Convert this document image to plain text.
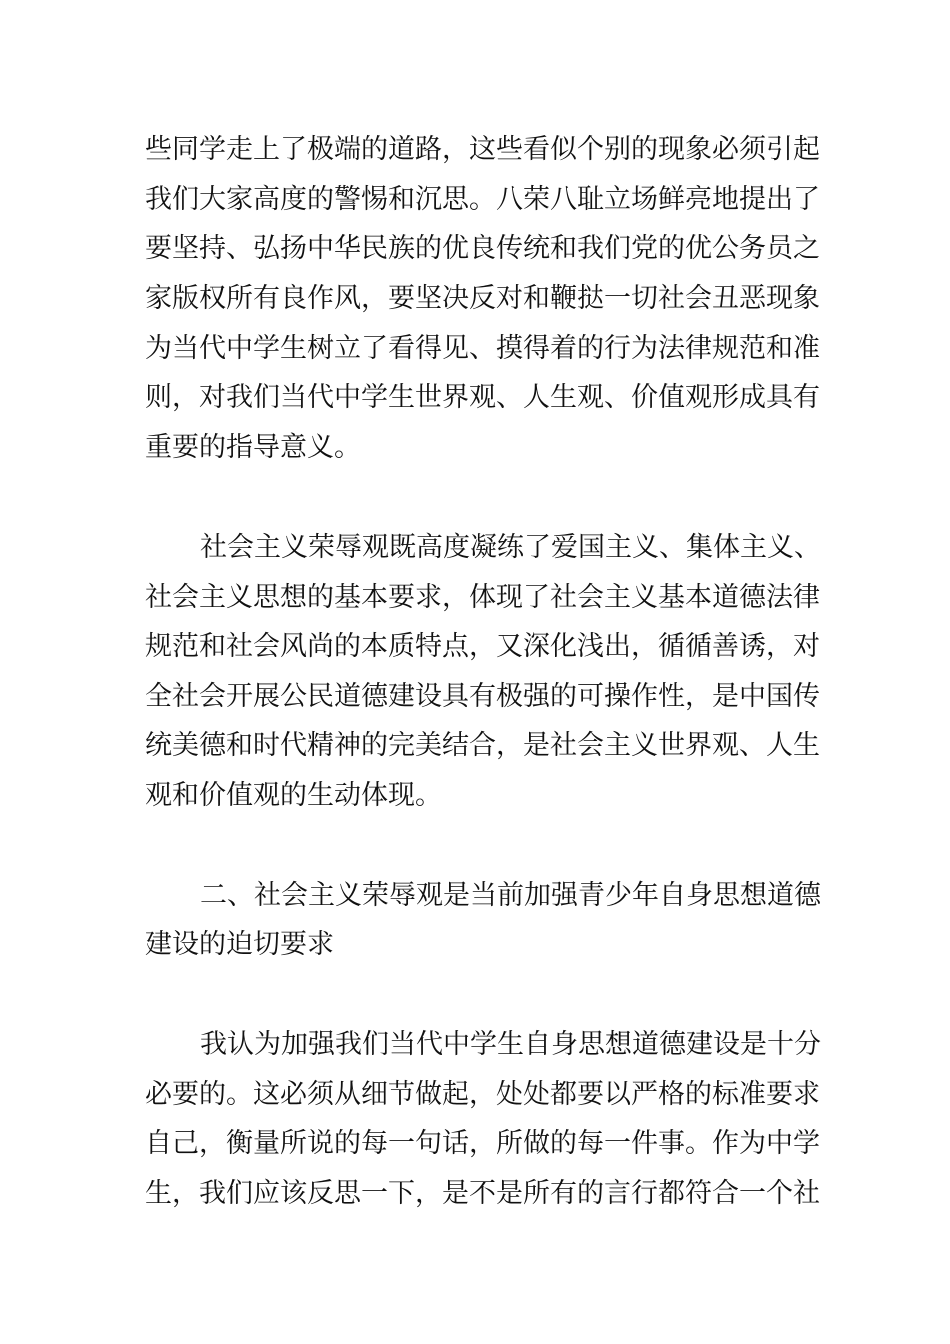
些同学走上了极端的道路，这些看似个别的现象必须引起
我们大家高度的警惕和沉思。八荣八耻立场鲜亮地提出了
要坚持、弘扬中华民族的优良传统和我们党的优公务员之
家版权所有良作风，要坚决反对和鞭挞一切社会丑恶现象
为当代中学生树立了看得见、摸得着的行为法律规范和准
则，对我们当代中学生世界观、人生观、价值观形成具有
重要的指导意义。
社会主义荣辱观既高度凝练了爱国主义、集体主义、
社会主义思想的基本要求，体现了社会主义基本道德法律
规范和社会风尚的本质特点，又深化浅出，循循善诱，对
全社会开展公民道德建设具有极强的可操作性，是中国传
统美德和时代精神的完美结合，是社会主义世界观、人生
观和价值观的生动体现。
二、社会主义荣辱观是当前加强青少年自身思想道德
建设的迫切要求
我认为加强我们当代中学生自身思想道德建设是十分
必要的。这必须从细节做起，处处都要以严格的标准要求
自己，衡量所说的每一句话，所做的每一件事。作为中学
生，我们应该反思一下，是不是所有的言行都符合一个社
